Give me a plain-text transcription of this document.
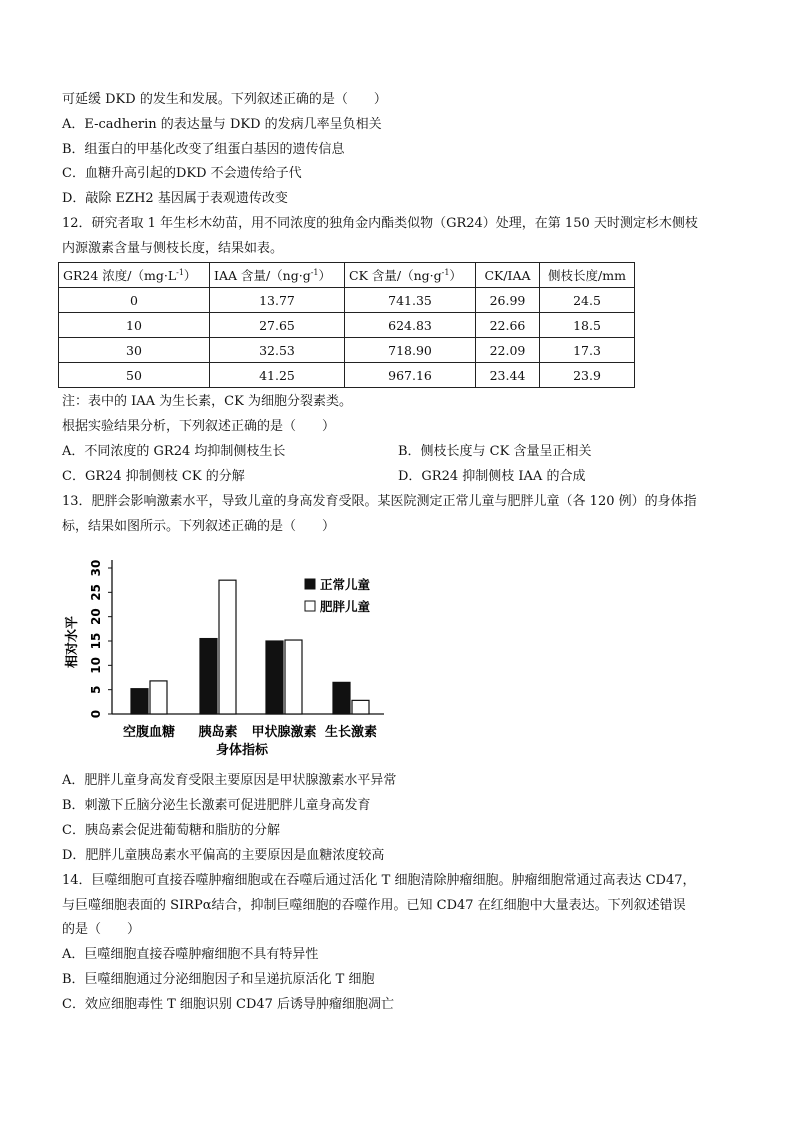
可延缓 DKD 的发生和发展。下列叙述正确的是（　　）
A．E-cadherin 的表达量与 DKD 的发病几率呈负相关
B．组蛋白的甲基化改变了组蛋白基因的遗传信息
C．血糖升高引起的DKD 不会遗传给子代
D．敲除 EZH2 基因属于表观遗传改变
12．研究者取 1 年生杉木幼苗，用不同浓度的独角金内酯类似物（GR24）处理，在第 150 天时测定杉木侧枝
内源激素含量与侧枝长度，结果如表。
GR24 浓度$/(mg\cdot L^{-1})$	IAA 含量$/(ng\cdot g^{-1})$	CK 含量$/(ng\cdot g^{-1})$	CK/IAA	侧枝长度/mm
0	13.77	741.35	26.99	24.5
10	27.65	624.83	22.66	18.5
30	32.53	718.90	22.09	17.3
50	41.25	967.16	23.44	23.9
注：表中的 IAA 为生长素，CK 为细胞分裂素类。
根据实验结果分析，下列叙述正确的是（　　）
A．不同浓度的 GR24 均抑制侧枝生长	B．侧枝长度与 CK 含量呈正相关
C．GR24 抑制侧枝 CK 的分解	D．GR24 抑制侧枝 IAA 的合成
13．肥胖会影响激素水平，导致儿童的身高发育受限。某医院测定正常儿童与肥胖儿童（各 120 例）的身体指
标，结果如图所示。下列叙述正确的是（　　）
相对水平
0
5
10
15
20
25
30
空腹血糖 胰岛素 甲状腺激素 生长激素
正常儿童
肥胖儿童
身体指标
A．肥胖儿童身高发育受限主要原因是甲状腺激素水平异常
B．刺激下丘脑分泌生长激素可促进肥胖儿童身高发育
C．胰岛素会促进葡萄糖和脂肪的分解
D．肥胖儿童胰岛素水平偏高的主要原因是血糖浓度较高
14．巨噬细胞可直接吞噬肿瘤细胞或在吞噬后通过活化 T 细胞清除肿瘤细胞。肿瘤细胞常通过高表达 CD47，
与巨噬细胞表面的 SIRPα结合，抑制巨噬细胞的吞噬作用。已知 CD47 在红细胞中大量表达。下列叙述错误
的是（　　）
A．巨噬细胞直接吞噬肿瘤细胞不具有特异性
B．巨噬细胞通过分泌细胞因子和呈递抗原活化 T 细胞
C．效应细胞毒性 T 细胞识别 CD47 后诱导肿瘤细胞凋亡
